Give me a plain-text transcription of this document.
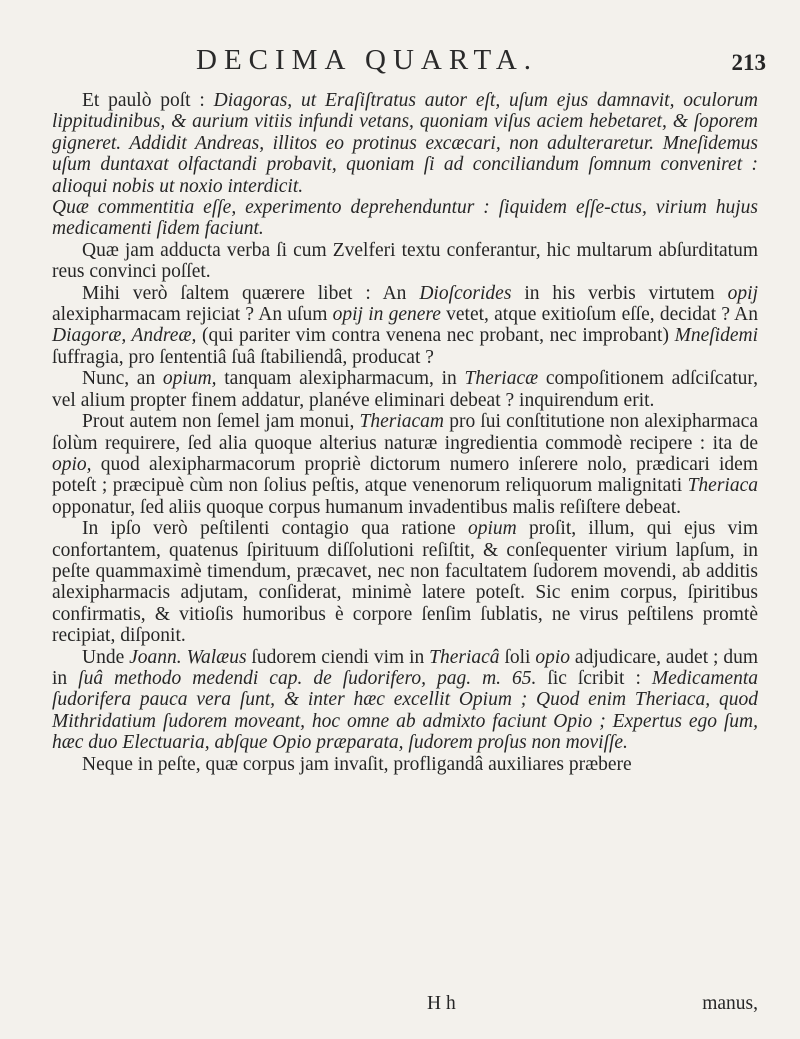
DECIMA QUARTA.	213

Et paulò poſt : Diagoras, ut Eraſiſtratus autor eſt, uſum ejus damnavit, oculorum lippitudinibus, & aurium vitiis infundi vetans, quoniam viſus aciem hebetaret, & ſoporem gigneret. Addidit Andreas, illitos eo protinus excæcari, non adulteraretur. Mneſidemus uſum duntaxat olfactandi probavit, quoniam ſi ad conciliandum ſomnum conveniret : alioqui nobis ut noxio interdicit.

Quæ commentitia eſſe, experimento deprehenduntur : ſiquidem eſſe-ctus, virium hujus medicamenti ſidem faciunt.

Quæ jam adducta verba ſi cum Zvelferi textu conferantur, hic multarum abſurditatum reus convinci poſſet.

Mihi verò ſaltem quærere libet : An Dioſcorides in his verbis virtutem opij alexipharmacam rejiciat ? An uſum opij in genere vetet, atque exitioſum eſſe, decidat ? An Diagoræ, Andreæ, (qui pariter vim contra venena nec probant, nec improbant) Mneſidemi ſuffragia, pro ſententiâ ſuâ ſtabiliendâ, producat ?

Nunc, an opium, tanquam alexipharmacum, in Theriacæ compoſitionem adſciſcatur, vel alium propter finem addatur, planéve eliminari debeat ? inquirendum erit.

Prout autem non ſemel jam monui, Theriacam pro ſui conſtitutione non alexipharmaca ſolùm requirere, ſed alia quoque alterius naturæ ingredientia commodè recipere : ita de opio, quod alexipharmacorum propriè dictorum numero inſerere nolo, prædicari idem poteſt ; præcipuè cùm non ſolius peſtis, atque venenorum reliquorum malignitati Theriaca opponatur, ſed aliis quoque corpus humanum invadentibus malis reſiſtere debeat.

In ipſo verò peſtilenti contagio qua ratione opium proſit, illum, qui ejus vim confortantem, quatenus ſpirituum diſſolutioni reſiſtit, & conſequenter virium lapſum, in peſte quammaximè timendum, præcavet, nec non facultatem ſudorem movendi, ab additis alexipharmacis adjutam, conſiderat, minimè latere poteſt. Sic enim corpus, ſpiritibus confirmatis, & vitioſis humoribus è corpore ſenſim ſublatis, ne virus peſtilens promtè recipiat, diſponit.

Unde Joann. Walæus ſudorem ciendi vim in Theriacâ ſoli opio adjudicare, audet ; dum in ſuâ methodo medendi cap. de ſudorifero, pag. m. 65. ſic ſcribit : Medicamenta ſudorifera pauca vera ſunt, & inter hæc excellit Opium ; Quod enim Theriaca, quod Mithridatium ſudorem moveant, hoc omne ab admixto faciunt Opio ; Expertus ego ſum, hæc duo Electuaria, abſque Opio præparata, ſudorem proſus non moviſſe.

Neque in peſte, quæ corpus jam invaſit, profligandâ auxiliares præbere

H h	manus,
